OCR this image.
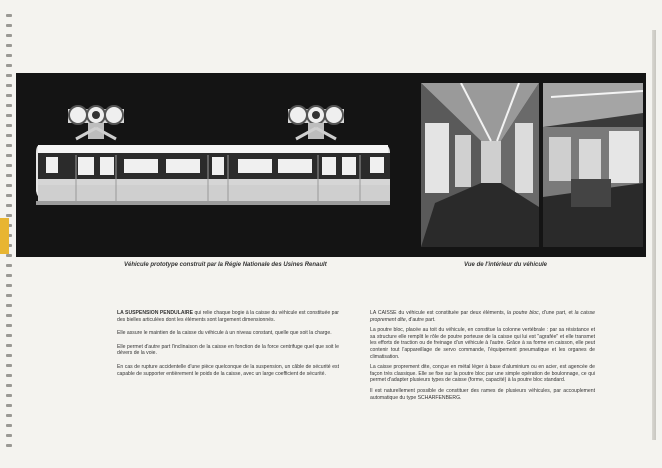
Véhicule prototype construit par la Régie Nationale des Usines Renault	Vue de l'intérieur du véhicule

LA SUSPENSION PENDULAIRE qui relie chaque bogie à la caisse du véhicule est constituée par des bielles articulées dont les éléments sont largement dimensionnés.

Elle assure le maintien de la caisse du véhicule à un niveau constant, quelle que soit la charge.

Elle permet d'autre part l'inclinaison de la caisse en fonction de la force centrifuge quel que soit le dévers de la voie.

En cas de rupture accidentelle d'une pièce quelconque de la suspension, un câble de sécurité est capable de supporter entièrement le poids de la caisse, avec un large coefficient de sécurité.

LA CAISSE du véhicule est constituée par deux éléments, la poutre bloc, d'une part, et la caisse proprement dite, d'autre part.

La poutre bloc, placée au toit du véhicule, en constitue la colonne vertébrale : par sa résistance et sa structure elle remplit le rôle de poutre porteuse de la caisse qui lui est "agrafée" et elle transmet les efforts de traction ou de freinage d'un véhicule à l'autre. Grâce à sa forme en caisson, elle peut contenir tout l'appareillage de servo commande, l'équipement pneumatique et les organes de climatisation.

La caisse proprement dite, conçue en métal léger à base d'aluminium ou en acier, est agencée de façon très classique. Elle se fixe sur la poutre bloc par une simple opération de boulonnage, ce qui permet d'adapter plusieurs types de caisse (forme, capacité) à la poutre bloc standard.

Il est naturellement possible de constituer des rames de plusieurs véhicules, par accouplement automatique du type SCHARFENBERG.
